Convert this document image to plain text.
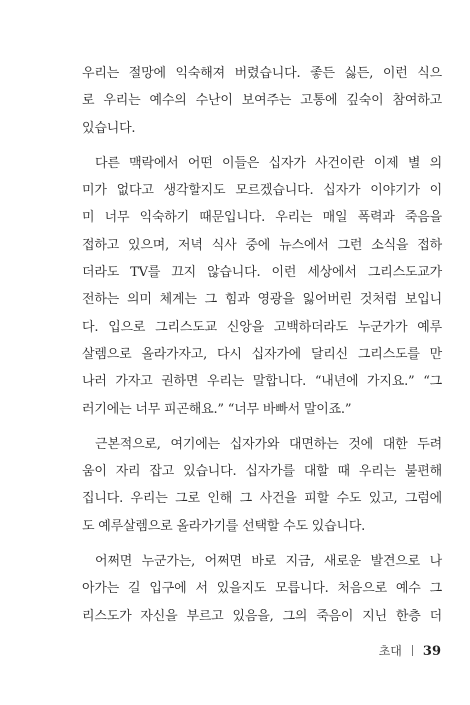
우리는 절망에 익숙해져 버렸습니다. 좋든 싫든, 이런 식으
로 우리는 예수의 수난이 보여주는 고통에 깊숙이 참여하고
있습니다.
다른 맥락에서 어떤 이들은 십자가 사건이란 이제 별 의
미가 없다고 생각할지도 모르겠습니다. 십자가 이야기가 이
미 너무 익숙하기 때문입니다. 우리는 매일 폭력과 죽음을
접하고 있으며, 저녁 식사 중에 뉴스에서 그런 소식을 접하
더라도 TV를 끄지 않습니다. 이런 세상에서 그리스도교가
전하는 의미 체계는 그 힘과 영광을 잃어버린 것처럼 보입니
다. 입으로 그리스도교 신앙을 고백하더라도 누군가가 예루
살렘으로 올라가자고, 다시 십자가에 달리신 그리스도를 만
나러 가자고 권하면 우리는 말합니다. “내년에 가지요.” “그
러기에는 너무 피곤해요.” “너무 바빠서 말이죠.”
근본적으로, 여기에는 십자가와 대면하는 것에 대한 두려
움이 자리 잡고 있습니다. 십자가를 대할 때 우리는 불편해
집니다. 우리는 그로 인해 그 사건을 피할 수도 있고, 그럼에
도 예루살렘으로 올라가기를 선택할 수도 있습니다.
어쩌면 누군가는, 어쩌면 바로 지금, 새로운 발견으로 나
아가는 길 입구에 서 있을지도 모릅니다. 처음으로 예수 그
리스도가 자신을 부르고 있음을, 그의 죽음이 지닌 한층 더
초대 39
